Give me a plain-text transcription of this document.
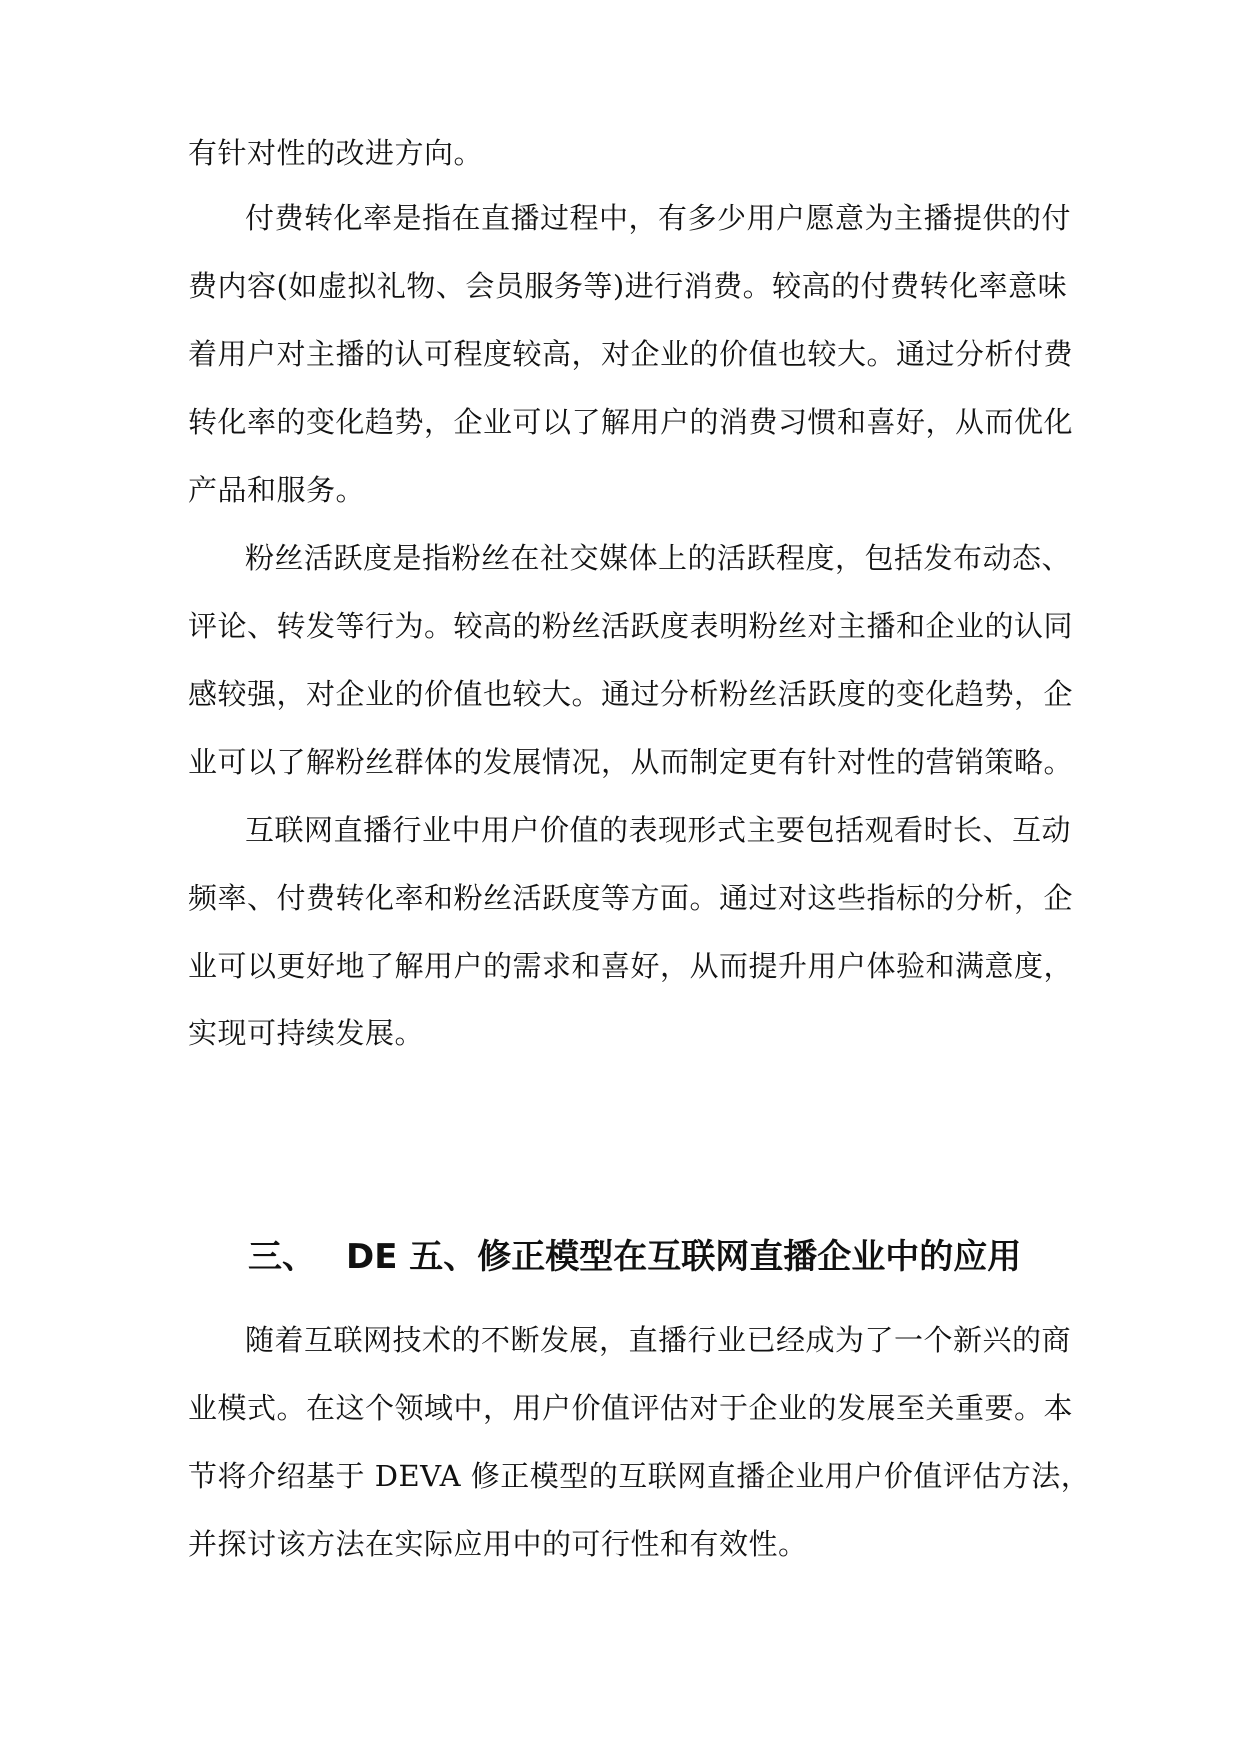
有针对性的改进方向。
付费转化率是指在直播过程中，有多少用户愿意为主播提供的付
费内容(如虚拟礼物、会员服务等)进行消费。较高的付费转化率意味
着用户对主播的认可程度较高，对企业的价值也较大。通过分析付费
转化率的变化趋势，企业可以了解用户的消费习惯和喜好，从而优化
产品和服务。
粉丝活跃度是指粉丝在社交媒体上的活跃程度，包括发布动态、
评论、转发等行为。较高的粉丝活跃度表明粉丝对主播和企业的认同
感较强，对企业的价值也较大。通过分析粉丝活跃度的变化趋势，企
业可以了解粉丝群体的发展情况，从而制定更有针对性的营销策略。
互联网直播行业中用户价值的表现形式主要包括观看时长、互动
频率、付费转化率和粉丝活跃度等方面。通过对这些指标的分析，企
业可以更好地了解用户的需求和喜好，从而提升用户体验和满意度，
实现可持续发展。
三、 DE 五、修正模型在互联网直播企业中的应用
随着互联网技术的不断发展，直播行业已经成为了一个新兴的商
业模式。在这个领域中，用户价值评估对于企业的发展至关重要。本
节将介绍基于 DEVA 修正模型的互联网直播企业用户价值评估方法，
并探讨该方法在实际应用中的可行性和有效性。
